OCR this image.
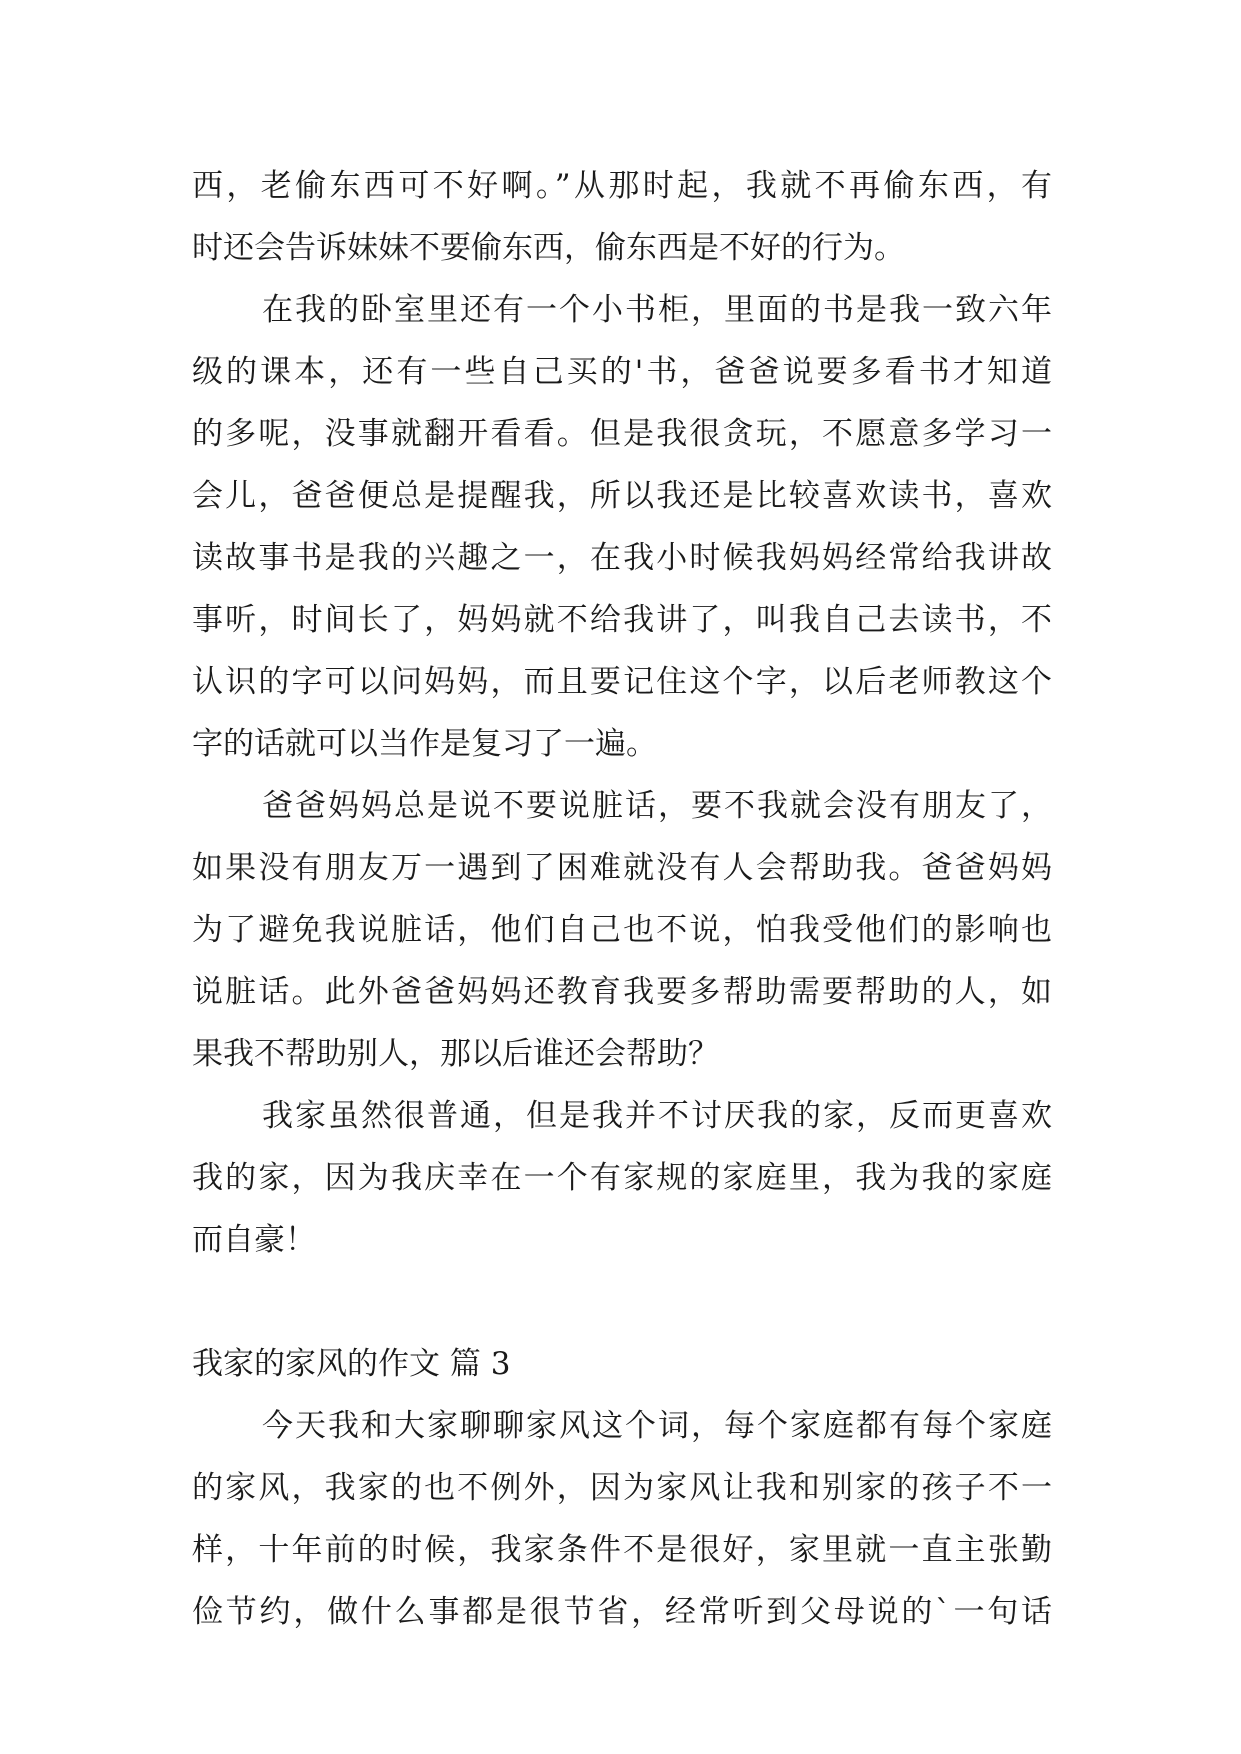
西，老偷东西可不好啊。”从那时起，我就不再偷东西，有
时还会告诉妹妹不要偷东西，偷东西是不好的行为。
在我的卧室里还有一个小书柜，里面的书是我一致六年
级的课本，还有一些自己买的'书，爸爸说要多看书才知道
的多呢，没事就翻开看看。但是我很贪玩，不愿意多学习一
会儿，爸爸便总是提醒我，所以我还是比较喜欢读书，喜欢
读故事书是我的兴趣之一，在我小时候我妈妈经常给我讲故
事听，时间长了，妈妈就不给我讲了，叫我自己去读书，不
认识的字可以问妈妈，而且要记住这个字，以后老师教这个
字的话就可以当作是复习了一遍。
爸爸妈妈总是说不要说脏话，要不我就会没有朋友了，
如果没有朋友万一遇到了困难就没有人会帮助我。爸爸妈妈
为了避免我说脏话，他们自己也不说，怕我受他们的影响也
说脏话。此外爸爸妈妈还教育我要多帮助需要帮助的人，如
果我不帮助别人，那以后谁还会帮助？
我家虽然很普通，但是我并不讨厌我的家，反而更喜欢
我的家，因为我庆幸在一个有家规的家庭里，我为我的家庭
而自豪！
我家的家风的作文 篇 3
今天我和大家聊聊家风这个词，每个家庭都有每个家庭
的家风，我家的也不例外，因为家风让我和别家的孩子不一
样，十年前的时候，我家条件不是很好，家里就一直主张勤
俭节约，做什么事都是很节省，经常听到父母说的`一句话
